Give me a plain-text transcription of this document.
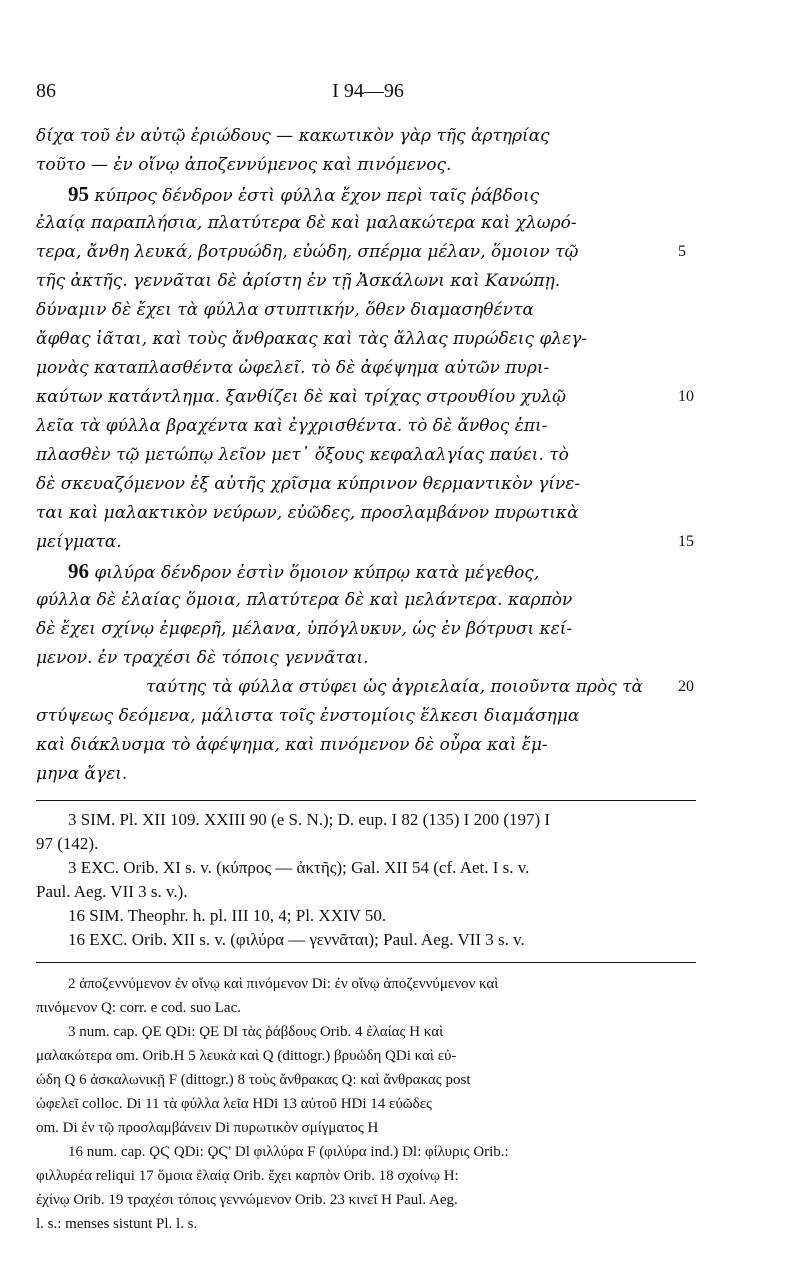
86	I 94—96
δίχα τοῦ ἐν αὐτῷ ἐριώδους — κακωτικὸν γὰρ τῆς ἀρτηρίας
τοῦτο — ἐν οἴνῳ ἀποζεννύμενος καὶ πινόμενος.
95 κύπρος δένδρον ἐστὶ φύλλα ἔχον περὶ ταῖς ῥάβδοις
ἐλαίᾳ παραπλήσια, πλατύτερα δὲ καὶ μαλακώτερα καὶ χλωρό-
τερα, ἄνθη λευκά, βοτρυώδη, εὐώδη, σπέρμα μέλαν, ὅμοιον τῷ
τῆς ἀκτῆς. γεννᾶται δὲ ἀρίστη ἐν τῇ Ἀσκάλωνι καὶ Κανώπῃ.
δύναμιν δὲ ἔχει τὰ φύλλα στυπτικήν, ὅθεν διαμασηθέντα
ἄφθας ἰᾶται, καὶ τοὺς ἄνθρακας καὶ τὰς ἄλλας πυρώδεις φλεγ-
μονὰς καταπλασθέντα ὠφελεῖ. τὸ δὲ ἀφέψημα αὐτῶν πυρι-
καύτων κατάντλημα. ξανθίζει δὲ καὶ τρίχας στρουθίου χυλῷ
λεῖα τὰ φύλλα βραχέντα καὶ ἐγχρισθέντα. τὸ δὲ ἄνθος ἐπι-
πλασθὲν τῷ μετώπῳ λεῖον μετ᾽ ὄξους κεφαλαλγίας παύει. τὸ
δὲ σκευαζόμενον ἐξ αὐτῆς χρῖσμα κύπρινον θερμαντικὸν γίνε-
ται καὶ μαλακτικὸν νεύρων, εὐῶδες, προσλαμβάνον πυρωτικὰ
μείγματα.
96 φιλύρα δένδρον ἐστὶν ὅμοιον κύπρῳ κατὰ μέγεθος,
φύλλα δὲ ἐλαίας ὅμοια, πλατύτερα δὲ καὶ μελάντερα. καρπὸν
δὲ ἔχει σχίνῳ ἐμφερῆ, μέλανα, ὑπόγλυκυν, ὡς ἐν βότρυσι κεί-
μενον. ἐν τραχέσι δὲ τόποις γεννᾶται.
ταύτης τὰ φύλλα στύφει ὡς ἀγριελαία, ποιοῦντα πρὸς τὰ
στύψεως δεόμενα, μάλιστα τοῖς ἐνστομίοις ἕλκεσι διαμάσημα
καὶ διάκλυσμα τὸ ἀφέψημα, καὶ πινόμενον δὲ οὖρα καὶ ἔμ-
μηνα ἄγει.
5
10
15
20
3 SIM. Pl. XII 109. XXIII 90 (e S. N.); D. eup. I 82 (135) I 200 (197) I
97 (142).
3 EXC. Orib. XI s. v. (κύπρος — ἀκτῆς); Gal. XII 54 (cf. Aet. I s. v.
Paul. Aeg. VII 3 s. v.).
16 SIM. Theophr. h. pl. III 10, 4; Pl. XXIV 50.
16 EXC. Orib. XII s. v. (φιλύρα — γεννᾶται); Paul. Aeg. VII 3 s. v.
2 ἀποζεννύμενον ἐν οἴνῳ καὶ πινόμενον Di: ἐν οἴνῳ ἀποζεννύμενον καὶ
πινόμενον Q: corr. e cod. suo Lac.
3 num. cap. ϘΕ QDi: ϘΕ Dl τὰς ῥάβδους Orib. 4 ἐλαίας H καὶ
μαλακώτερα om. Orib.H 5 λευκὰ καὶ Q (dittogr.) βρυώδη QDi καὶ εὐ-
ώδη Q 6 ἀσκαλωνικῇ F (dittogr.) 8 τοὺς ἄνθρακας Q: καὶ ἄνθρακας post
ὠφελεῖ colloc. Di 11 τὰ φύλλα λεῖα HDi 13 αὐτοῦ HDi 14 εὐῶδες
om. Di ἐν τῷ προσλαμβάνειν Di πυρωτικὸν σμίγματος H
16 num. cap. ϘϚ QDi: ϘϚ' Dl φιλλύρα F (φιλύρα ind.) Dl: φίλυρις Orib.:
φιλλυρέα reliqui 17 ὅμοια ἐλαίᾳ Orib. ἔχει καρπὸν Orib. 18 σχοίνῳ H:
ἐχίνῳ Orib. 19 τραχέσι τόποις γεννώμενον Orib. 23 κινεῖ H Paul. Aeg.
l. s.: menses sistunt Pl. l. s.
